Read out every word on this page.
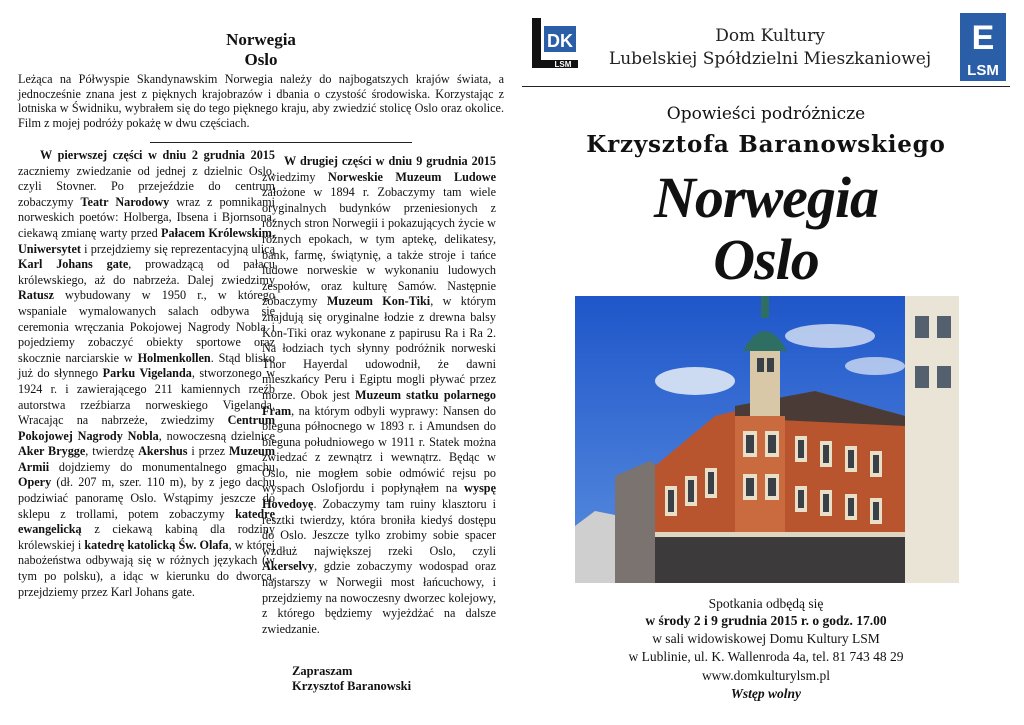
Norwegia
Oslo
Leżąca na Półwyspie Skandynawskim Norwegia należy do najbogatszych krajów świata, a jednocześnie znana jest z pięknych krajobrazów i dbania o czystość środowiska. Korzystając z lotniska w Świdniku, wybrałem się do tego pięknego kraju, aby zwiedzić stolicę Oslo oraz okolice. Film z mojej podróży pokażę w dwu częściach.

W pierwszej części w dniu 2 grudnia 2015 zaczniemy zwiedzanie od jednej z dzielnic Oslo, czyli Stovner. Po przejeździe do centrum zobaczymy Teatr Narodowy wraz z pomnikami norweskich poetów: Holberga, Ibsena i Bjornsona, ciekawą zmianę warty przed Pałacem Królewskim, Uniwersytet i przejdziemy się reprezentacyjną ulicą Karl Johans gate, prowadzącą od pałacu królewskiego, aż do nabrzeża. Dalej zwiedzimy Ratusz wybudowany w 1950 r., w którego wspaniale wymalowanych salach odbywa się ceremonia wręczania Pokojowej Nagrody Nobla i pojedziemy zobaczyć obiekty sportowe oraz skocznie narciarskie w Holmenkollen. Stąd blisko już do słynnego Parku Vigelanda, stworzonego w 1924 r. i zawierającego 211 kamiennych rzeźb autorstwa rzeźbiarza norweskiego Vigelanda. Wracając na nabrzeże, zwiedzimy Centrum Pokojowej Nagrody Nobla, nowoczesną dzielnicę Aker Brygge, twierdzę Akershus i przez Muzeum Armii dojdziemy do monumentalnego gmachu Opery (dł. 207 m, szer. 110 m), by z jego dachu podziwiać panoramę Oslo. Wstąpimy jeszcze do sklepu z trollami, potem zobaczymy katedrę ewangelicką z ciekawą kabiną dla rodziny królewskiej i katedrę katolicką Św. Olafa, w której nabożeństwa odbywają się w różnych językach (w tym po polsku), a idąc w kierunku do dworca, przejdziemy przez Karl Johans gate.

W drugiej części w dniu 9 grudnia 2015 zwiedzimy Norweskie Muzeum Ludowe założone w 1894 r. Zobaczymy tam wiele oryginalnych budynków przeniesionych z różnych stron Norwegii i pokazujących życie w różnych epokach, w tym aptekę, delikatesy, bank, farmę, świątynię, a także stroje i tańce ludowe norweskie w wykonaniu ludowych zespołów, oraz kulturę Samów. Następnie zobaczymy Muzeum Kon-Tiki, w którym znajdują się oryginalne łodzie z drewna balsy Kon-Tiki oraz wykonane z papirusu Ra i Ra 2. Na łodziach tych słynny podróżnik norweski Thor Hayerdal udowodnił, że dawni mieszkańcy Peru i Egiptu mogli pływać przez morze. Obok jest Muzeum statku polarnego Fram, na którym odbyli wyprawy: Nansen do bieguna północnego w 1893 r. i Amundsen do bieguna południowego w 1911 r. Statek można zwiedzać z zewnątrz i wewnątrz. Będąc w Oslo, nie mogłem sobie odmówić rejsu po wyspach Oslofjordu i popłynąłem na wyspę Hovedoyę. Zobaczymy tam ruiny klasztoru i resztki twierdzy, która broniła kiedyś dostępu do Oslo. Jeszcze tylko zrobimy sobie spacer wzdłuż największej rzeki Oslo, czyli Akerselvy, gdzie zobaczymy wodospad oraz najstarszy w Norwegii most łańcuchowy, i przejdziemy na nowoczesny dworzec kolejowy, z którego będziemy wyjeżdżać na dalsze zwiedzanie.

Zapraszam
Krzysztof Baranowski
DK
LSM
Dom Kultury
Lubelskiej Spółdzielni Mieszkaniowej
E
LSM
Opowieści podróżnicze
Krzysztofa Baranowskiego
Norwegia
Oslo
Spotkania odbędą się
w środy 2 i 9 grudnia 2015 r. o godz. 17.00
w sali widowiskowej Domu Kultury LSM
w Lublinie, ul. K. Wallenroda 4a, tel. 81 743 48 29
www.domkulturylsm.pl
Wstęp wolny
